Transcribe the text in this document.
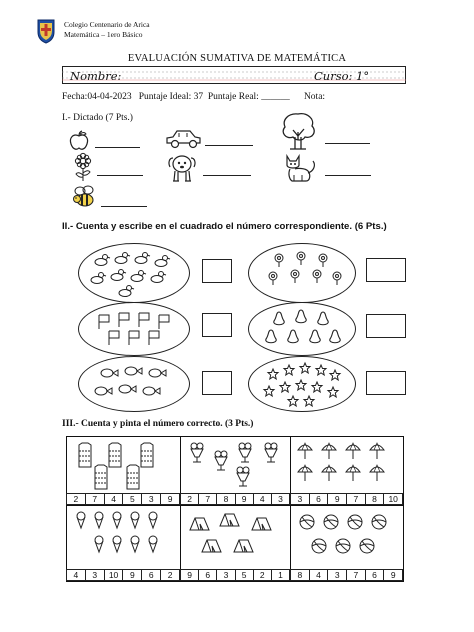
Colegio Centenario de Arica
Matemática – 1ero Básico
EVALUACIÓN SUMATIVA DE MATEMÁTICA
Nombre:	Curso: 1°
Fecha:04-04-2023   Puntaje Ideal: 37  Puntaje Real: ______      Nota:
I.- Dictado (7 Pts.)
II.- Cuenta y escribe en el cuadrado el número correspondiente. (6 Pts.)
III.- Cuenta y pinta el número correcto. (3 Pts.)
2	7	4	5	3	9	2	7	8	9	4	3	3	6	9	7	8	10
4	3	10	9	6	2	9	6	3	5	2	1	8	4	3	7	6	9
